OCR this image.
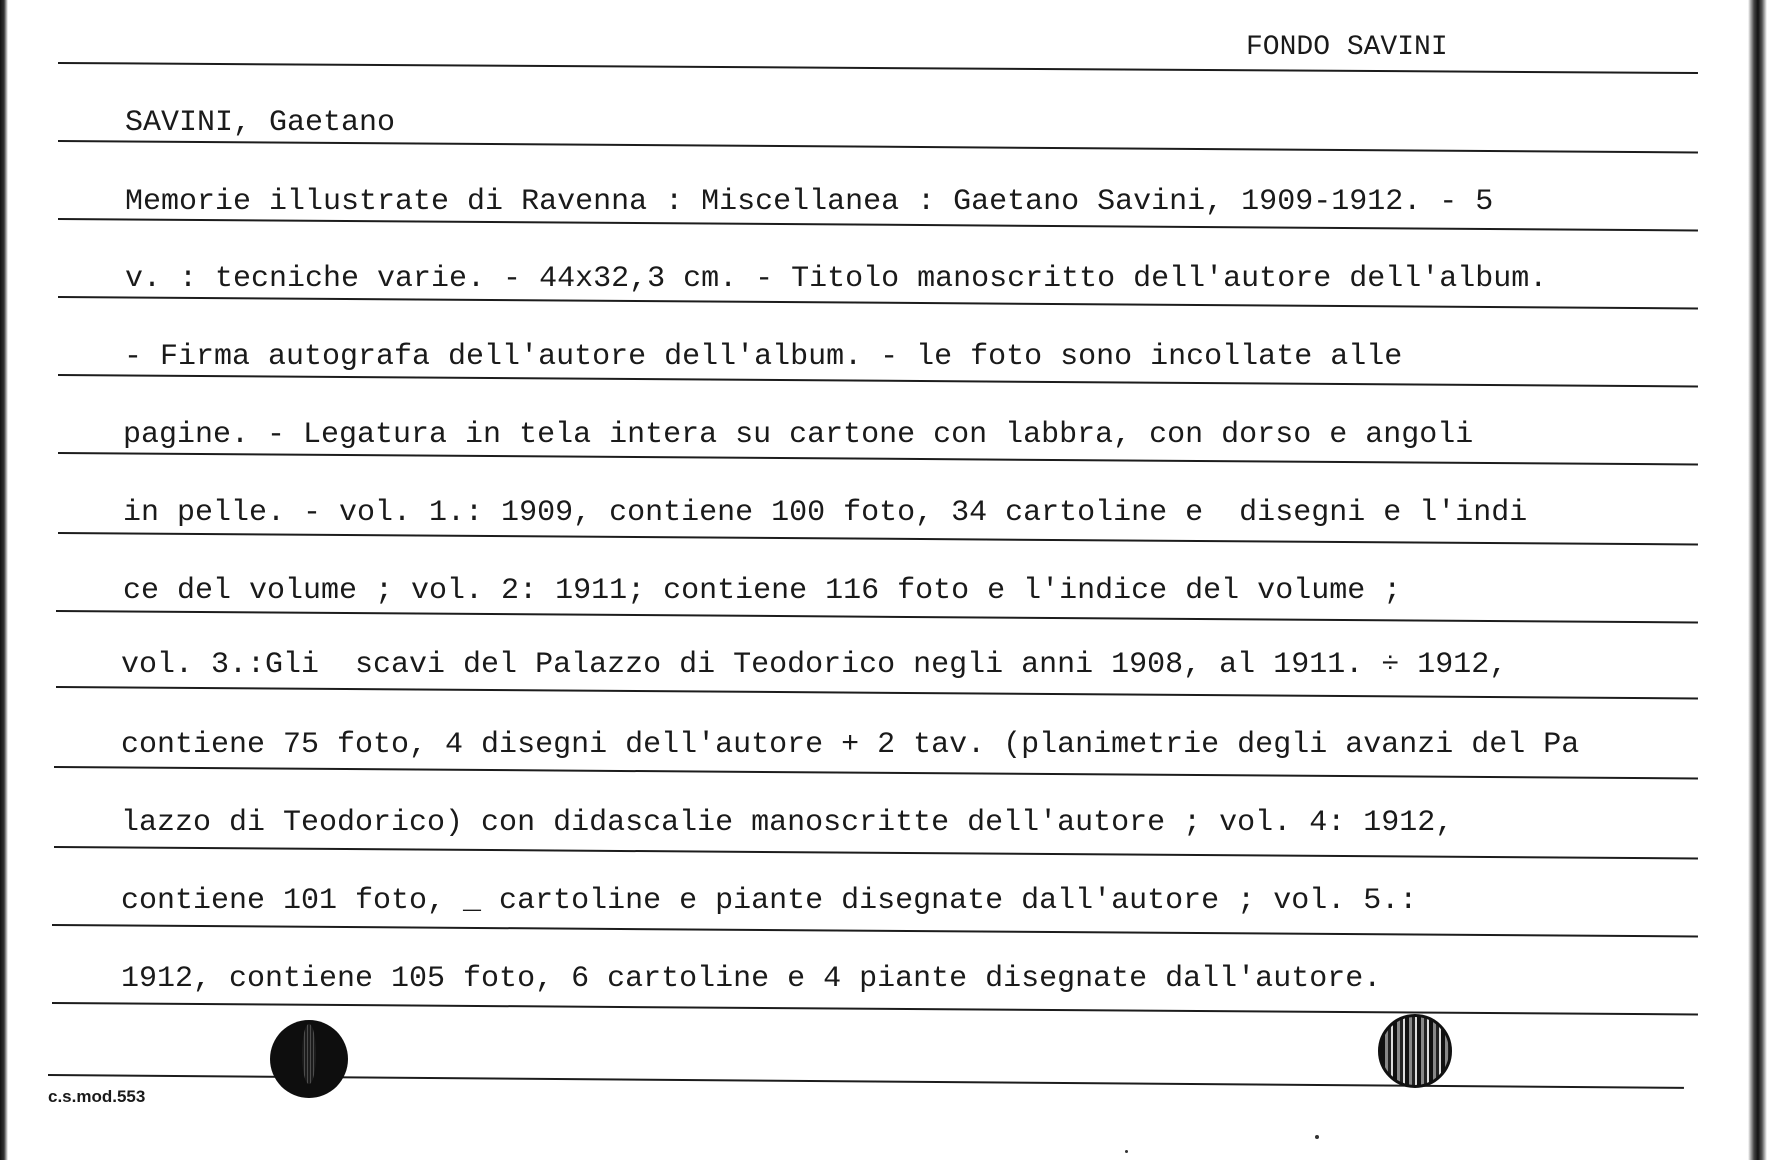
FONDO SAVINI
SAVINI, Gaetano
Memorie illustrate di Ravenna : Miscellanea : Gaetano Savini, 1909-1912. - 5
v. : tecniche varie. - 44x32,3 cm. - Titolo manoscritto dell'autore dell'album.
- Firma autografa dell'autore dell'album. - le foto sono incollate alle
pagine. - Legatura in tela intera su cartone con labbra, con dorso e angoli
in pelle. - vol. 1.: 1909, contiene 100 foto, 34 cartoline e  disegni e l'indi
ce del volume ; vol. 2: 1911; contiene 116 foto e l'indice del volume ;
vol. 3.:Gli  scavi del Palazzo di Teodorico negli anni 1908, al 1911. ÷ 1912,
contiene 75 foto, 4 disegni dell'autore + 2 tav. (planimetrie degli avanzi del Pa
lazzo di Teodorico) con didascalie manoscritte dell'autore ; vol. 4: 1912,
contiene 101 foto, _ cartoline e piante disegnate dall'autore ; vol. 5.:
1912, contiene 105 foto, 6 cartoline e 4 piante disegnate dall'autore.
c.s.mod.553
